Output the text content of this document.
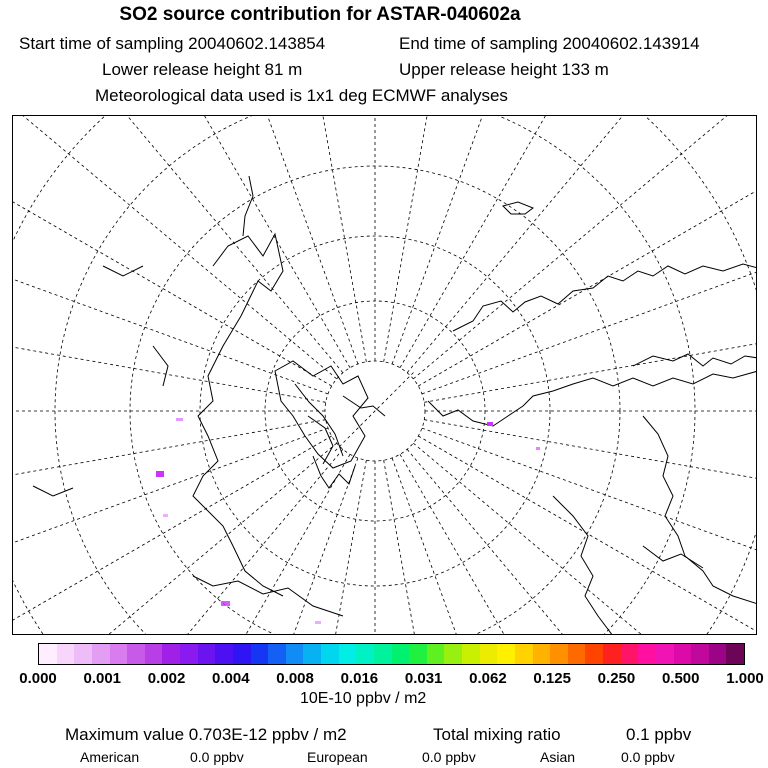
SO2 source contribution for ASTAR-040602a
Start time of sampling 20040602.143854	End time of sampling 20040602.143914
Lower release height 81 m	Upper release height 133 m
Meteorological data used is 1x1 deg ECMWF analyses
0.000 0.001 0.002 0.004 0.008 0.016 0.031 0.062 0.125 0.250 0.500 1.000
10E-10 ppbv / m2
Maximum value 0.703E-12 ppbv / m2	Total mixing ratio	0.1 ppbv
American	0.0 ppbv	European	0.0 ppbv	Asian	0.0 ppbv
